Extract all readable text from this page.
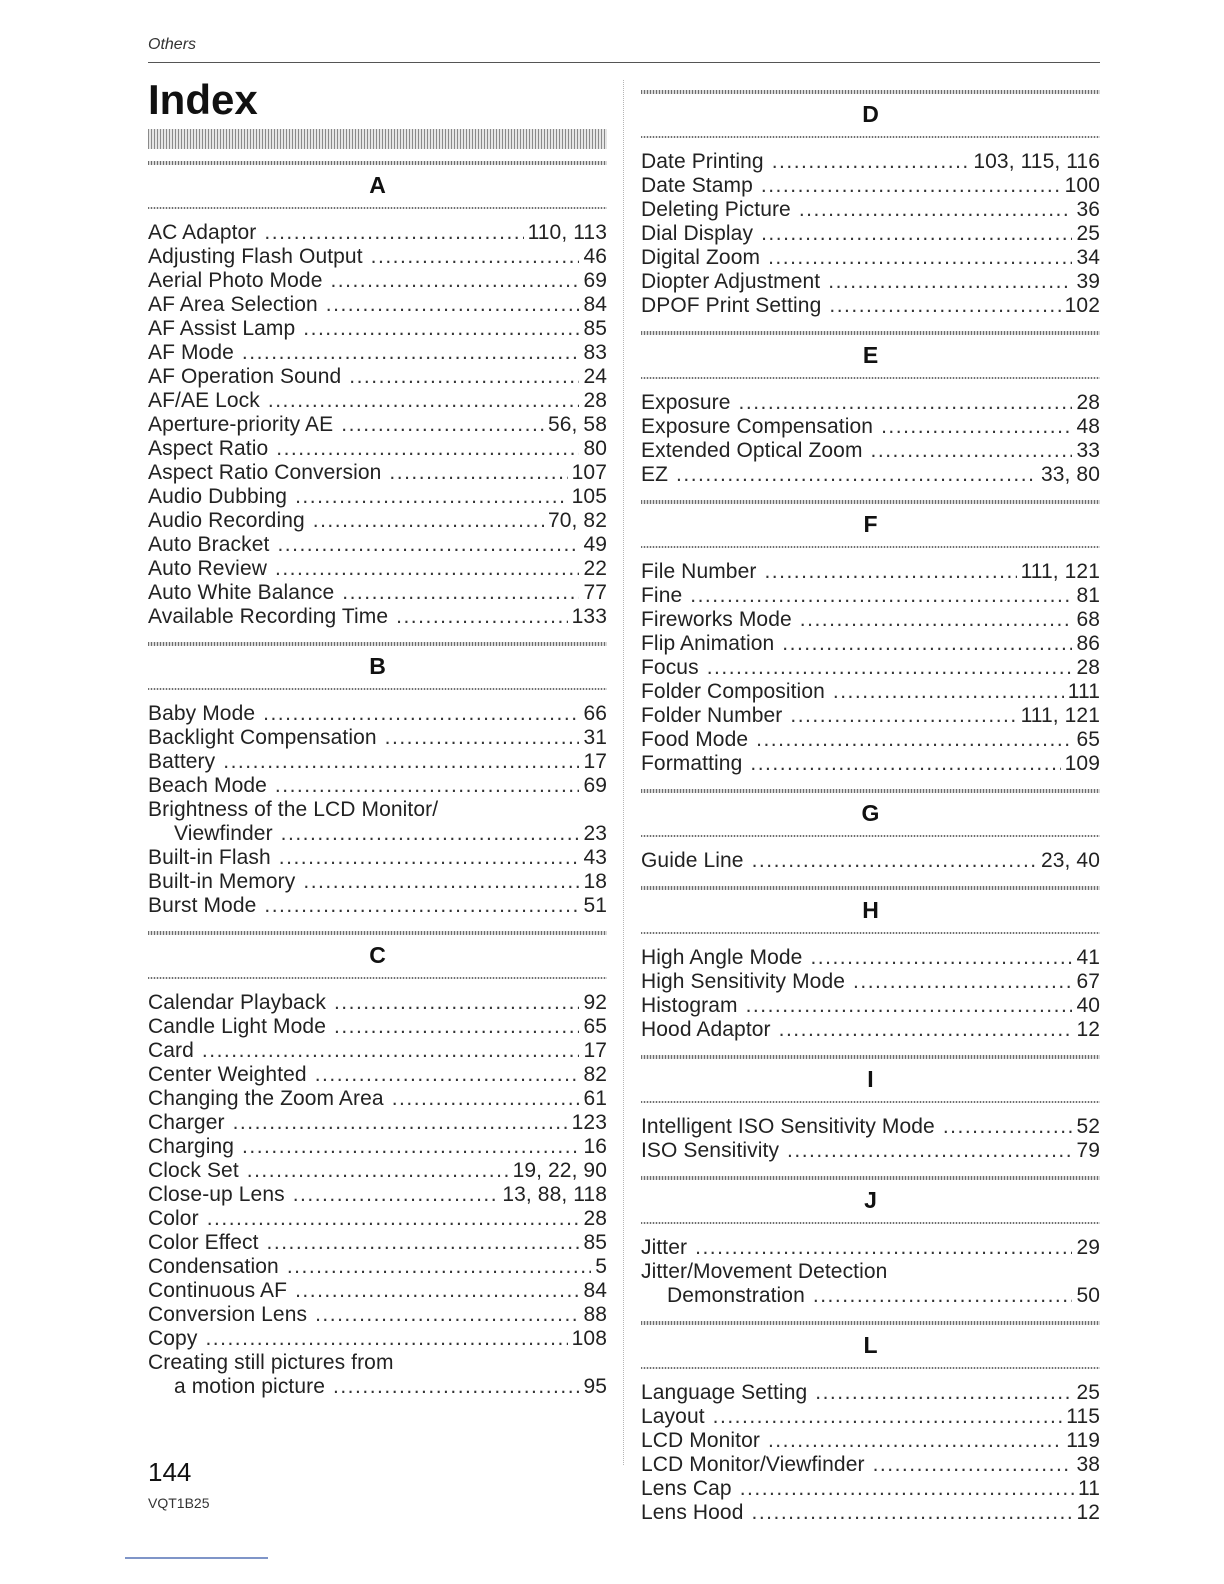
Others
Index
A
AC Adaptor .....	110, 113
Adjusting Flash Output .....	46
Aerial Photo Mode .....	69
AF Area Selection .....	84
AF Assist Lamp .....	85
AF Mode .....	83
AF Operation Sound .....	24
AF/AE Lock .....	28
Aperture-priority AE .....	56, 58
Aspect Ratio .....	80
Aspect Ratio Conversion .....	107
Audio Dubbing .....	105
Audio Recording .....	70, 82
Auto Bracket .....	49
Auto Review .....	22
Auto White Balance .....	77
Available Recording Time .....	133
B
Baby Mode .....	66
Backlight Compensation .....	31
Battery .....	17
Beach Mode .....	69
Brightness of the LCD Monitor/
Viewfinder .....	23
Built-in Flash .....	43
Built-in Memory .....	18
Burst Mode .....	51
C
Calendar Playback .....	92
Candle Light Mode .....	65
Card .....	17
Center Weighted .....	82
Changing the Zoom Area .....	61
Charger .....	123
Charging .....	16
Clock Set .....	19, 22, 90
Close-up Lens .....	13, 88, 118
Color .....	28
Color Effect .....	85
Condensation .....	5
Continuous AF .....	84
Conversion Lens .....	88
Copy .....	108
Creating still pictures from
a motion picture .....	95
D
Date Printing .....	103, 115, 116
Date Stamp .....	100
Deleting Picture .....	36
Dial Display .....	25
Digital Zoom .....	34
Diopter Adjustment .....	39
DPOF Print Setting .....	102
E
Exposure .....	28
Exposure Compensation .....	48
Extended Optical Zoom .....	33
EZ .....	33, 80
F
File Number .....	111, 121
Fine .....	81
Fireworks Mode .....	68
Flip Animation .....	86
Focus .....	28
Folder Composition .....	111
Folder Number .....	111, 121
Food Mode .....	65
Formatting .....	109
G
Guide Line .....	23, 40
H
High Angle Mode .....	41
High Sensitivity Mode .....	67
Histogram .....	40
Hood Adaptor .....	12
I
Intelligent ISO Sensitivity Mode .....	52
ISO Sensitivity .....	79
J
Jitter .....	29
Jitter/Movement Detection
Demonstration .....	50
L
Language Setting .....	25
Layout .....	115
LCD Monitor .....	119
LCD Monitor/Viewfinder .....	38
Lens Cap .....	11
Lens Hood .....	12
144
VQT1B25
